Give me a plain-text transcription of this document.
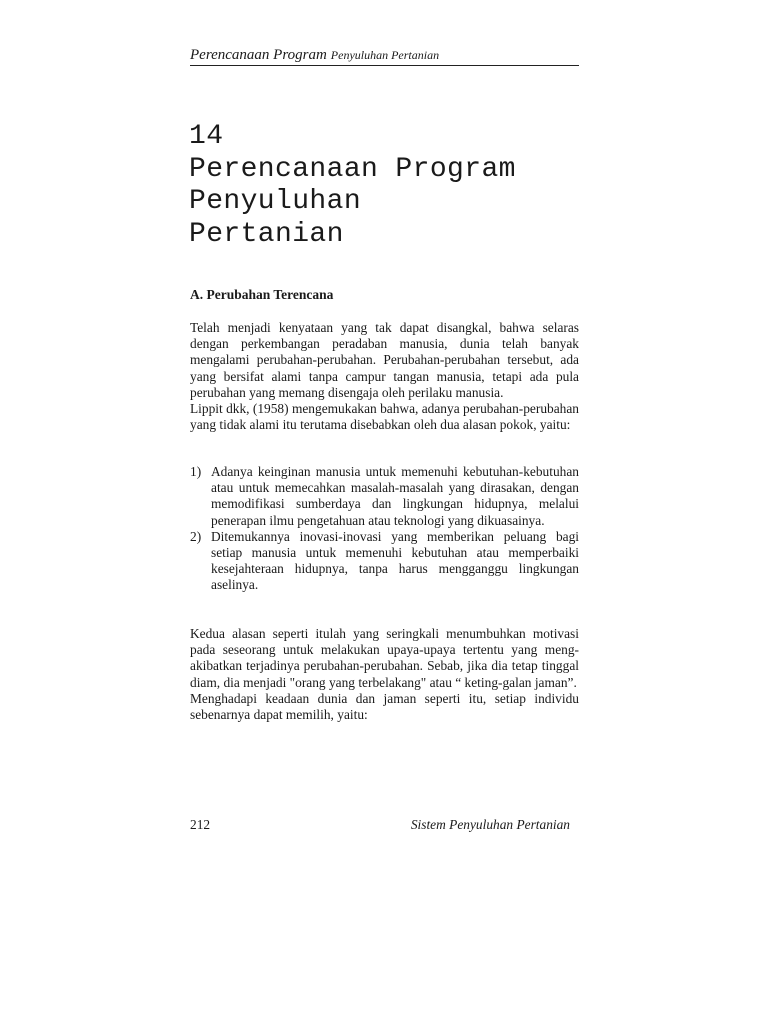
Perencanaan Program Penyuluhan Pertanian
14
Perencanaan Program
Penyuluhan
Pertanian
A. Perubahan Terencana
Telah menjadi kenyataan yang tak dapat disangkal, bahwa selaras dengan perkembangan peradaban manusia, dunia telah banyak mengalami perubahan-perubahan. Perubahan-perubahan tersebut, ada yang bersifat alami tanpa campur tangan manusia, tetapi ada pula perubahan yang memang disengaja oleh perilaku manusia.
Lippit dkk, (1958) mengemukakan bahwa, adanya perubahan-perubahan yang tidak alami itu terutama disebabkan oleh dua alasan pokok, yaitu:
1) Adanya keinginan manusia untuk memenuhi kebutuhan-kebutuhan atau untuk memecahkan masalah-masalah yang dirasakan, dengan memodifikasi sumberdaya dan lingkungan hidupnya, melalui penerapan ilmu pengetahuan atau teknologi yang dikuasainya.
2) Ditemukannya inovasi-inovasi yang memberikan peluang bagi setiap manusia untuk memenuhi kebutuhan atau memperbaiki kesejahteraan hidupnya, tanpa harus mengganggu lingkungan aselinya.
Kedua alasan seperti itulah yang seringkali menumbuhkan motivasi pada seseorang untuk melakukan upaya-upaya tertentu yang meng-akibatkan terjadinya perubahan-perubahan. Sebab, jika dia tetap tinggal diam, dia menjadi "orang yang terbelakang" atau “ keting-galan jaman”.
Menghadapi keadaan dunia dan jaman seperti itu, setiap individu sebenarnya dapat memilih, yaitu:
212	Sistem Penyuluhan Pertanian
